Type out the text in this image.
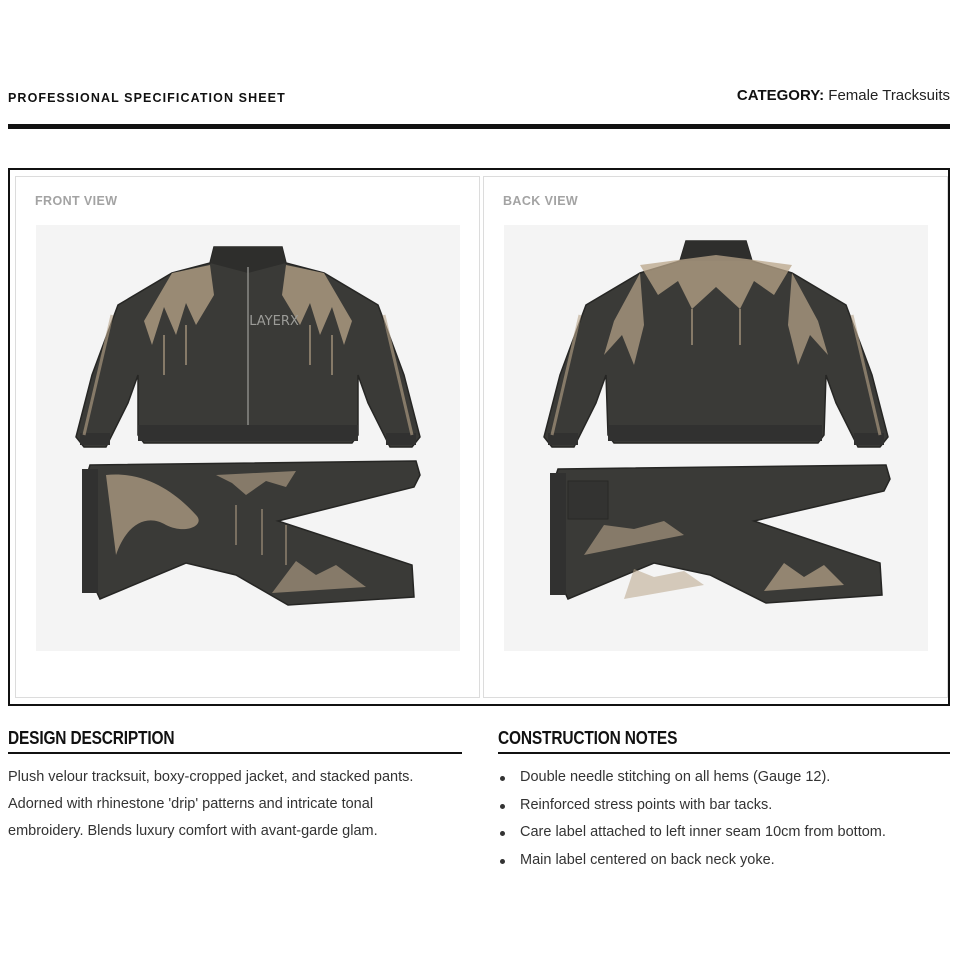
PROFESSIONAL SPECIFICATION SHEET	CATEGORY: Female Tracksuits
FRONT VIEW
LAYERX
BACK VIEW
DESIGN DESCRIPTION
Plush velour tracksuit, boxy-cropped jacket, and stacked pants.
Adorned with rhinestone 'drip' patterns and intricate tonal
embroidery. Blends luxury comfort with avant-garde glam.
CONSTRUCTION NOTES
Double needle stitching on all hems (Gauge 12).
Reinforced stress points with bar tacks.
Care label attached to left inner seam 10cm from bottom.
Main label centered on back neck yoke.
